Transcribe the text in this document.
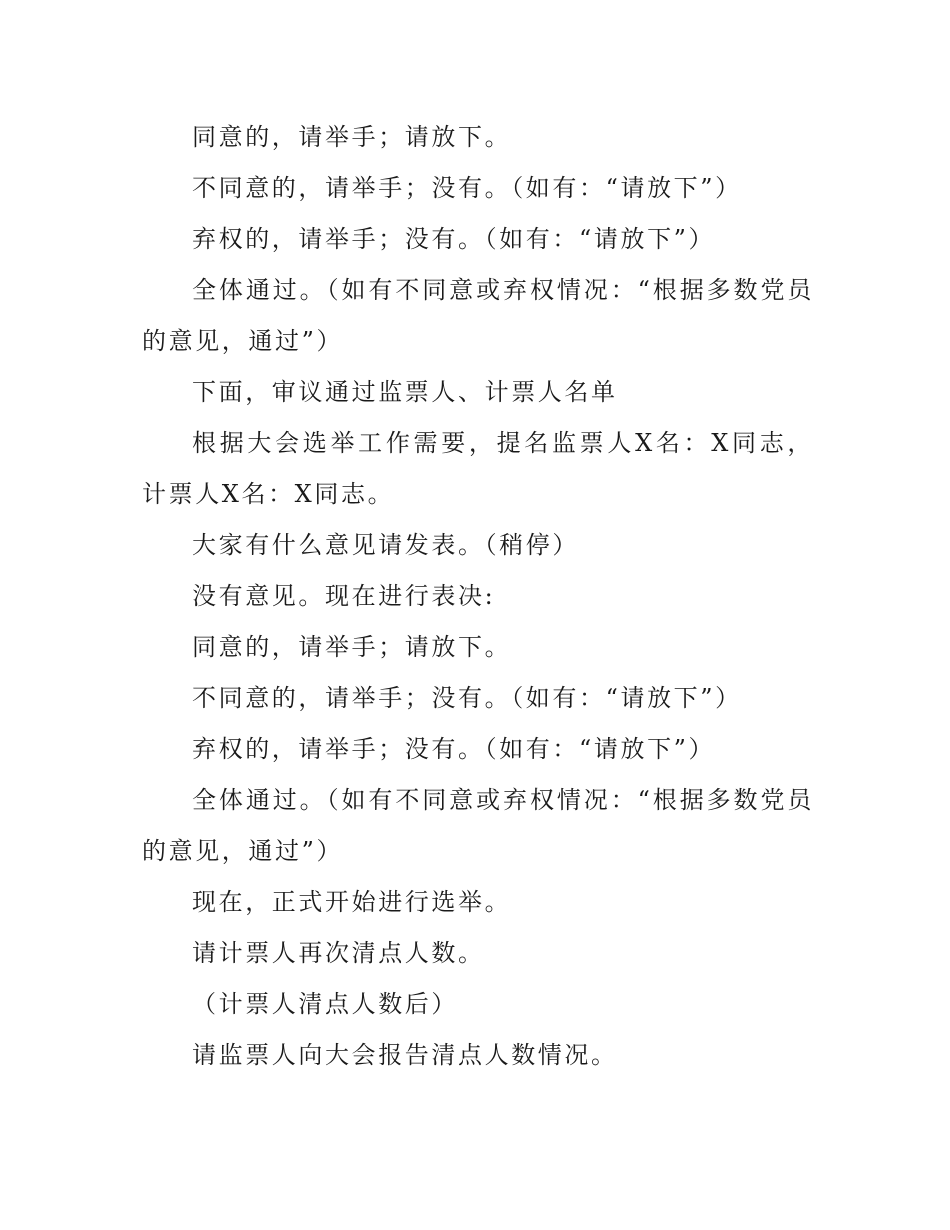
同意的，请举手；请放下。

不同意的，请举手；没有。（如有：“请放下”）

弃权的，请举手；没有。（如有：“请放下”）

全体通过。（如有不同意或弃权情况：“根据多数党员的意见，通过”）

下面，审议通过监票人、计票人名单

根据大会选举工作需要，提名监票人X名：X同志，计票人X名：X同志。

大家有什么意见请发表。（稍停）

没有意见。现在进行表决:

同意的，请举手；请放下。

不同意的，请举手；没有。（如有：“请放下”）

弃权的，请举手；没有。（如有：“请放下”）

全体通过。（如有不同意或弃权情况：“根据多数党员的意见，通过”）

现在，正式开始进行选举。

请计票人再次清点人数。

（计票人清点人数后）

请监票人向大会报告清点人数情况。
